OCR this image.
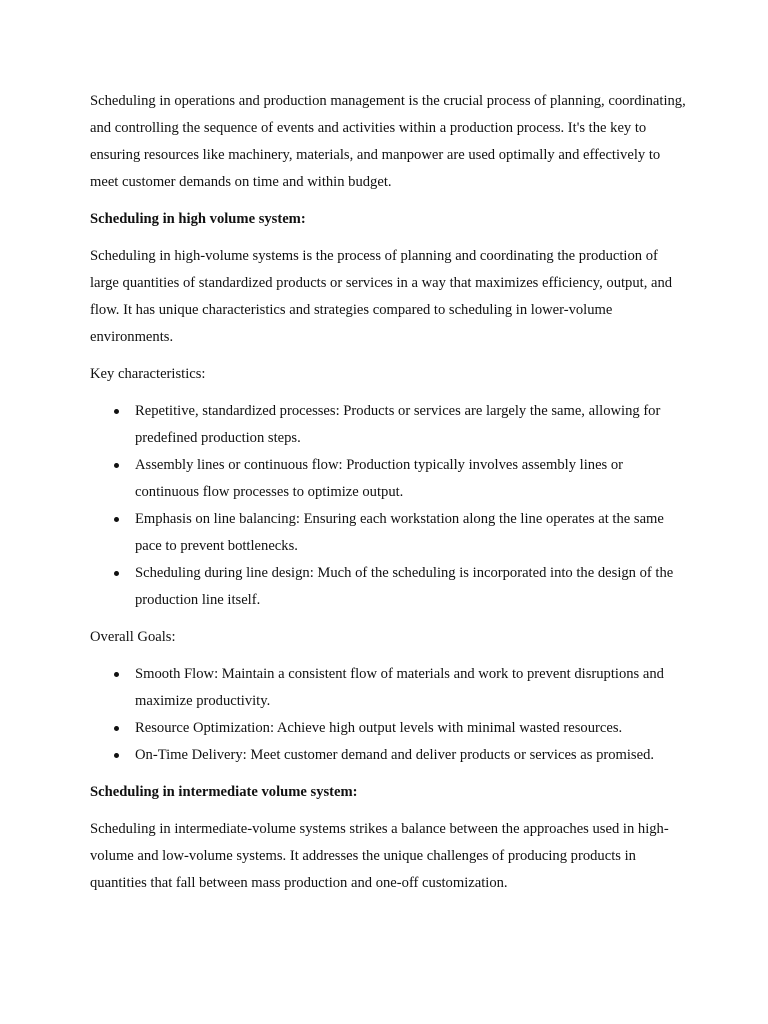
Scheduling in operations and production management is the crucial process of planning, coordinating, and controlling the sequence of events and activities within a production process. It's the key to ensuring resources like machinery, materials, and manpower are used optimally and effectively to meet customer demands on time and within budget.

Scheduling in high volume system:

Scheduling in high-volume systems is the process of planning and coordinating the production of large quantities of standardized products or services in a way that maximizes efficiency, output, and flow. It has unique characteristics and strategies compared to scheduling in lower-volume environments.

Key characteristics:

Repetitive, standardized processes: Products or services are largely the same, allowing for predefined production steps.
Assembly lines or continuous flow: Production typically involves assembly lines or continuous flow processes to optimize output.
Emphasis on line balancing: Ensuring each workstation along the line operates at the same pace to prevent bottlenecks.
Scheduling during line design: Much of the scheduling is incorporated into the design of the production line itself.

Overall Goals:

Smooth Flow: Maintain a consistent flow of materials and work to prevent disruptions and maximize productivity.
Resource Optimization: Achieve high output levels with minimal wasted resources.
On-Time Delivery: Meet customer demand and deliver products or services as promised.

Scheduling in intermediate volume system:

Scheduling in intermediate-volume systems strikes a balance between the approaches used in high-volume and low-volume systems. It addresses the unique challenges of producing products in quantities that fall between mass production and one-off customization.
